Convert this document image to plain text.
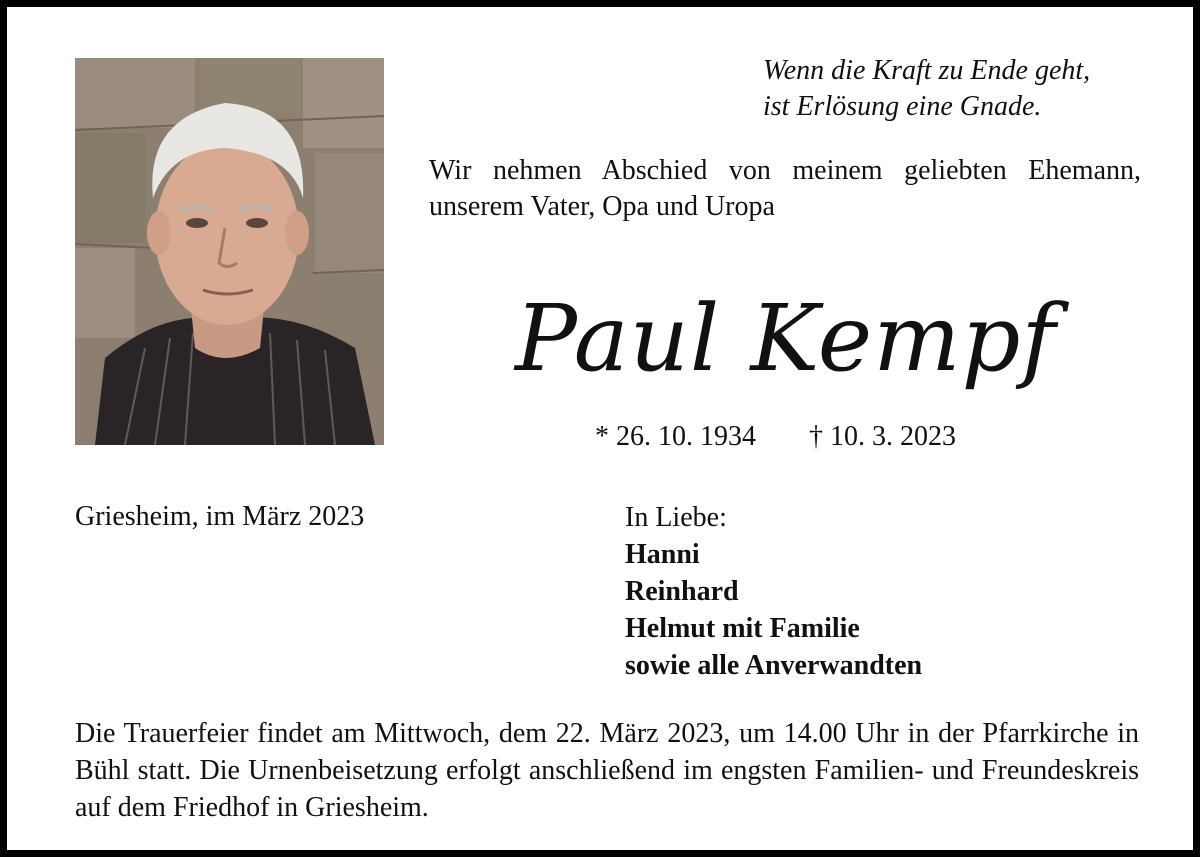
Wenn die Kraft zu Ende geht,
ist Erlösung eine Gnade.
Wir nehmen Abschied von meinem geliebten Ehemann, unserem Vater, Opa und Uropa
Paul Kempf
* 26. 10. 1934 † 10. 3. 2023
Griesheim, im März 2023	In Liebe:
Hanni
Reinhard
Helmut mit Familie
sowie alle Anverwandten
Die Trauerfeier findet am Mittwoch, dem 22. März 2023, um 14.00 Uhr in der Pfarrkirche in Bühl statt. Die Urnenbeisetzung erfolgt anschließend im engsten Familien- und Freundeskreis auf dem Friedhof in Griesheim.
